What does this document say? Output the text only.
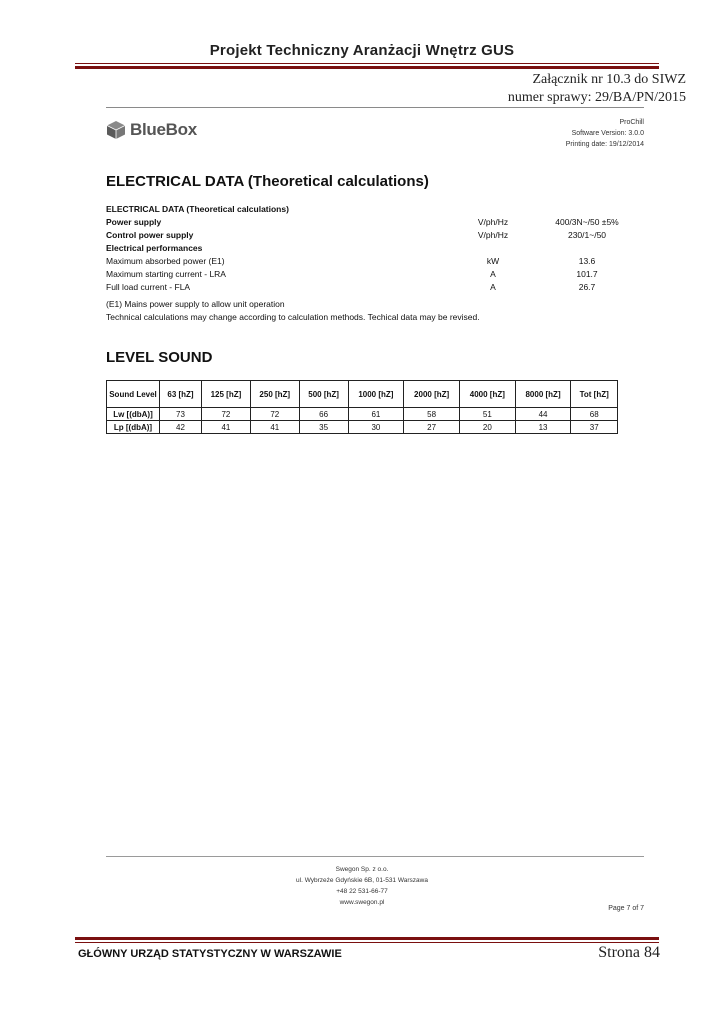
Projekt Techniczny Aranżacji Wnętrz GUS
Załącznik nr 10.3 do SIWZ
numer sprawy: 29/BA/PN/2015
BlueBox	ProChill
Software Version: 3.0.0
Printing date: 19/12/2014
ELECTRICAL DATA (Theoretical calculations)
ELECTRICAL DATA (Theoretical calculations)
Power supply	V/ph/Hz	400/3N~/50 ±5%
Control power supply	V/ph/Hz	230/1~/50
Electrical performances
Maximum absorbed power (E1)	kW	13.6
Maximum starting current - LRA	A	101.7
Full load current - FLA	A	26.7
(E1) Mains power supply to allow unit operation
Technical calculations may change according to calculation methods. Techical data may be revised.
LEVEL SOUND
Sound Level	63 [hZ]	125 [hZ]	250 [hZ]	500 [hZ]	1000 [hZ]	2000 [hZ]	4000 [hZ]	8000 [hZ]	Tot [hZ]
Lw [(dbA)]	73	72	72	66	61	58	51	44	68
Lp [(dbA)]	42	41	41	35	30	27	20	13	37
Swegon Sp. z o.o.
ul. Wybrzeże Gdyńskie 6B, 01-531 Warszawa
+48 22 531-66-77
www.swegon.pl
Page 7 of 7
GŁÓWNY URZĄD STATYSTYCZNY W WARSZAWIE	Strona 84
